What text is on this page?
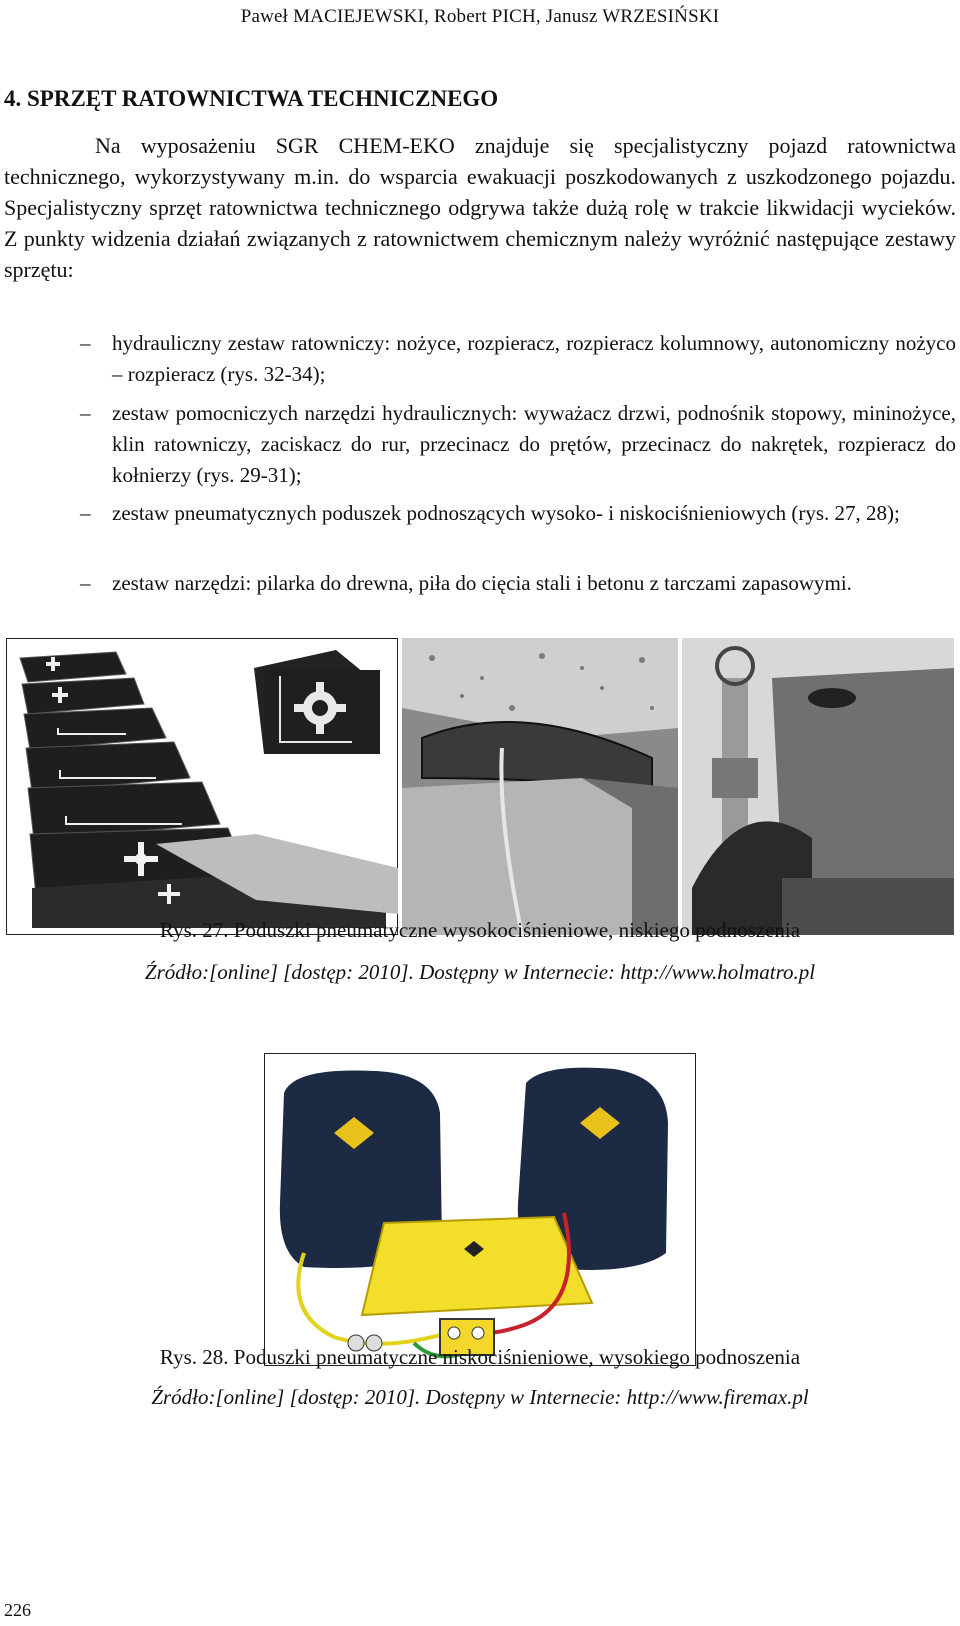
Paweł MACIEJEWSKI, Robert PICH, Janusz WRZESIŃSKI
4. SPRZĘT RATOWNICTWA TECHNICZNEGO
Na wyposażeniu SGR CHEM-EKO znajduje się specjalistyczny pojazd ratownictwa technicznego, wykorzystywany m.in. do wsparcia ewakuacji poszkodowanych z uszkodzonego pojazdu. Specjalistyczny sprzęt ratownictwa technicznego odgrywa także dużą rolę w trakcie likwidacji wycieków. Z punkty widzenia działań związanych z ratownictwem chemicznym należy wyróżnić następujące zestawy sprzętu:
– hydrauliczny zestaw ratowniczy: nożyce, rozpieracz, rozpieracz kolumnowy, autonomiczny nożyco – rozpieracz (rys. 32-34);
– zestaw pomocniczych narzędzi hydraulicznych: wyważacz drzwi, podnośnik stopowy, mininożyce, klin ratowniczy, zaciskacz do rur, przecinacz do prętów, przecinacz do nakrętek, rozpieracz do kołnierzy (rys. 29-31);
– zestaw pneumatycznych poduszek podnoszących wysoko- i niskociśnieniowych (rys. 27, 28);
– zestaw narzędzi: pilarka do drewna, piła do cięcia stali i betonu z tarczami zapasowymi.
Rys. 27. Poduszki pneumatyczne wysokociśnieniowe, niskiego podnoszenia
Źródło:[online] [dostęp: 2010]. Dostępny w Internecie: http://www.holmatro.pl
Rys. 28. Poduszki pneumatyczne niskociśnieniowe, wysokiego podnoszenia
Źródło:[online] [dostęp: 2010]. Dostępny w Internecie: http://www.firemax.pl
226
